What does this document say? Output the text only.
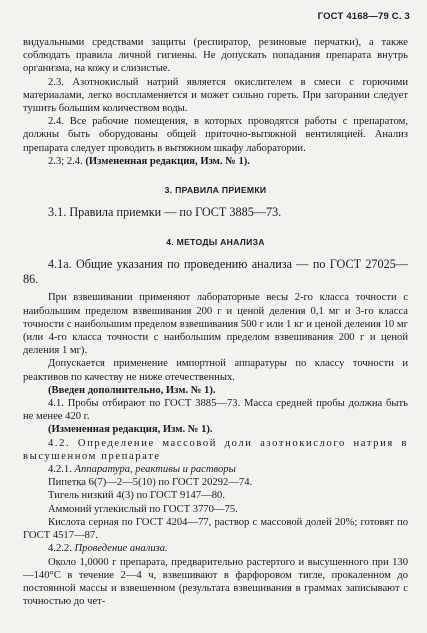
ГОСТ 4168—79 С. 3

видуальными средствами защиты (респиратор, резиновые перчатки), а также соблюдать правила личной гигиены. Не допускать попадания препарата внутрь организма, на кожу и слизистые.

2.3. Азотнокислый натрий является окислителем в смеси с горючими материалами, легко воспламеняется и может сильно гореть. При загорании следует тушить большим количеством воды.

2.4. Все рабочие помещения, в которых проводятся работы с препаратом, должны быть оборудованы общей приточно-вытяжной вентиляцией. Анализ препарата следует проводить в вытяжном шкафу лаборатории.

2.3; 2.4. (Измененная редакция, Изм. № 1).

3. ПРАВИЛА ПРИЕМКИ

3.1. Правила приемки — по ГОСТ 3885—73.

4. МЕТОДЫ АНАЛИЗА

4.1а. Общие указания по проведению анализа — по ГОСТ 27025—86.

При взвешивании применяют лабораторные весы 2-го класса точности с наибольшим пределом взвешивания 200 г и ценой деления 0,1 мг и 3-го класса точности с наибольшим пределом взвешивания 500 г или 1 кг и ценой деления 10 мг (или 4-го класса точности с наибольшим пределом взвешивания 200 г и ценой деления 1 мг).

Допускается применение импортной аппаратуры по классу точности и реактивов по качеству не ниже отечественных.

(Введен дополнительно, Изм. № 1).

4.1. Пробы отбирают по ГОСТ 3885—73. Масса средней пробы должна быть не менее 420 г.

(Измененная редакция, Изм. № 1).

4.2. Определение массовой доли азотнокислого натрия в высушенном препарате

4.2.1. Аппаратура, реактивы и растворы

Пипетка 6(7)—2—5(10) по ГОСТ 20292—74.

Тигель низкий 4(3) по ГОСТ 9147—80.

Аммоний углекислый по ГОСТ 3770—75.

Кислота серная по ГОСТ 4204—77, раствор с массовой долей 20%; готовят по ГОСТ 4517—87.

4.2.2. Проведение анализа.

Около 1,0000 г препарата, предварительно растертого и высушенного при 130—140°С в течение 2—4 ч, взвешивают в фарфоровом тигле, прокаленном до постоянной массы и взвешенном (результата взвешивания в граммах записывают с точностью до чет-
